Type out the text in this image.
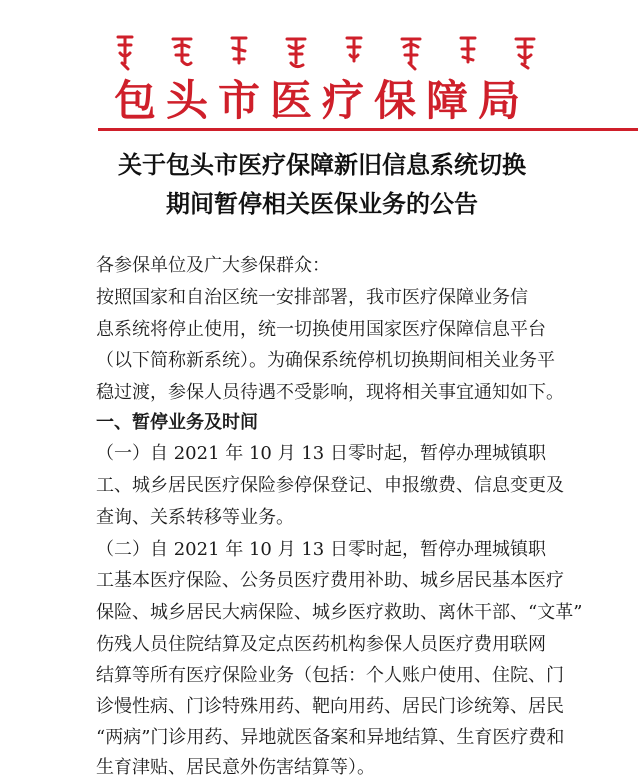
包头市医疗保障局
关于包头市医疗保障新旧信息系统切换
期间暂停相关医保业务的公告
各参保单位及广大参保群众：
按照国家和自治区统一安排部署，我市医疗保障业务信
息系统将停止使用，统一切换使用国家医疗保障信息平台
（以下简称新系统）。为确保系统停机切换期间相关业务平
稳过渡，参保人员待遇不受影响，现将相关事宜通知如下。
一、暂停业务及时间
（一）自 2021 年 10 月 13 日零时起，暂停办理城镇职
工、城乡居民医疗保险参停保登记、申报缴费、信息变更及
查询、关系转移等业务。
（二）自 2021 年 10 月 13 日零时起，暂停办理城镇职
工基本医疗保险、公务员医疗费用补助、城乡居民基本医疗
保险、城乡居民大病保险、城乡医疗救助、离休干部、“文革”
伤残人员住院结算及定点医药机构参保人员医疗费用联网
结算等所有医疗保险业务（包括：个人账户使用、住院、门
诊慢性病、门诊特殊用药、靶向用药、居民门诊统筹、居民
“两病”门诊用药、异地就医备案和异地结算、生育医疗费和
生育津贴、居民意外伤害结算等）。
